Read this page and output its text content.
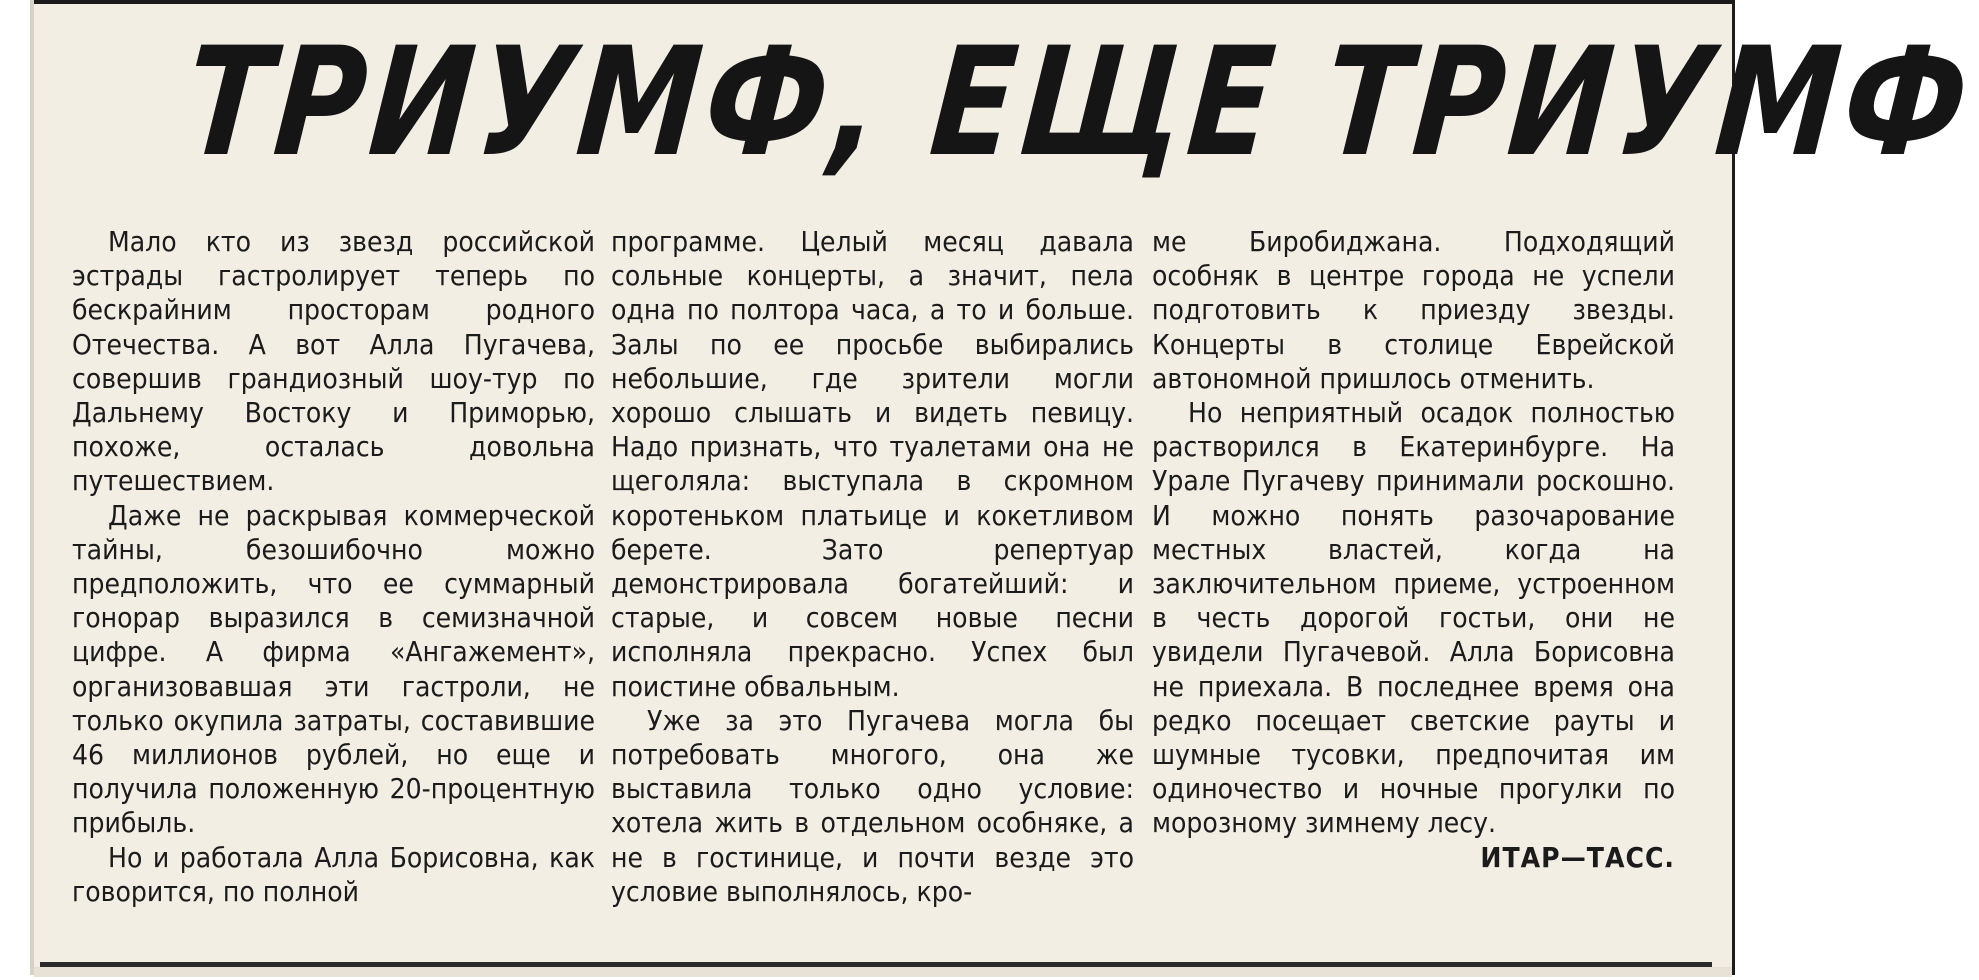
ТРИУМФ, ЕЩЕ ТРИУМФ

Мало кто из звезд российской эстрады гастролирует теперь по бескрайним просторам родного Отечества. А вот Алла Пугачева, совершив грандиозный шоу-тур по Дальнему Востоку и Приморью, похоже, осталась довольна путешествием.

Даже не раскрывая коммерческой тайны, безошибочно можно предположить, что ее суммарный гонорар выразился в семизначной цифре. А фирма «Ангажемент», организовавшая эти гастроли, не только окупила затраты, составившие 46 миллионов рублей, но еще и получила положенную 20-процентную прибыль.

Но и работала Алла Борисовна, как говорится, по полной

программе. Целый месяц давала сольные концерты, а значит, пела одна по полтора часа, а то и больше. Залы по ее просьбе выбирались небольшие, где зрители могли хорошо слышать и видеть певицу. Надо признать, что туалетами она не щеголяла: выступала в скромном коротеньком платьице и кокетливом берете. Зато репертуар демонстрировала богатейший: и старые, и совсем новые песни исполняла прекрасно. Успех был поистине обвальным.

Уже за это Пугачева могла бы потребовать многого, она же выставила только одно условие: хотела жить в отдельном особняке, а не в гостинице, и почти везде это условие выполнялось, кро-

ме Биробиджана. Подходящий особняк в центре города не успели подготовить к приезду звезды. Концерты в столице Еврейской автономной пришлось отменить.

Но неприятный осадок полностью растворился в Екатеринбурге. На Урале Пугачеву принимали роскошно. И можно понять разочарование местных властей, когда на заключительном приеме, устроенном в честь дорогой гостьи, они не увидели Пугачевой. Алла Борисовна не приехала. В последнее время она редко посещает светские рауты и шумные тусовки, предпочитая им одиночество и ночные прогулки по морозному зимнему лесу.
ИТАР—ТАСС.
